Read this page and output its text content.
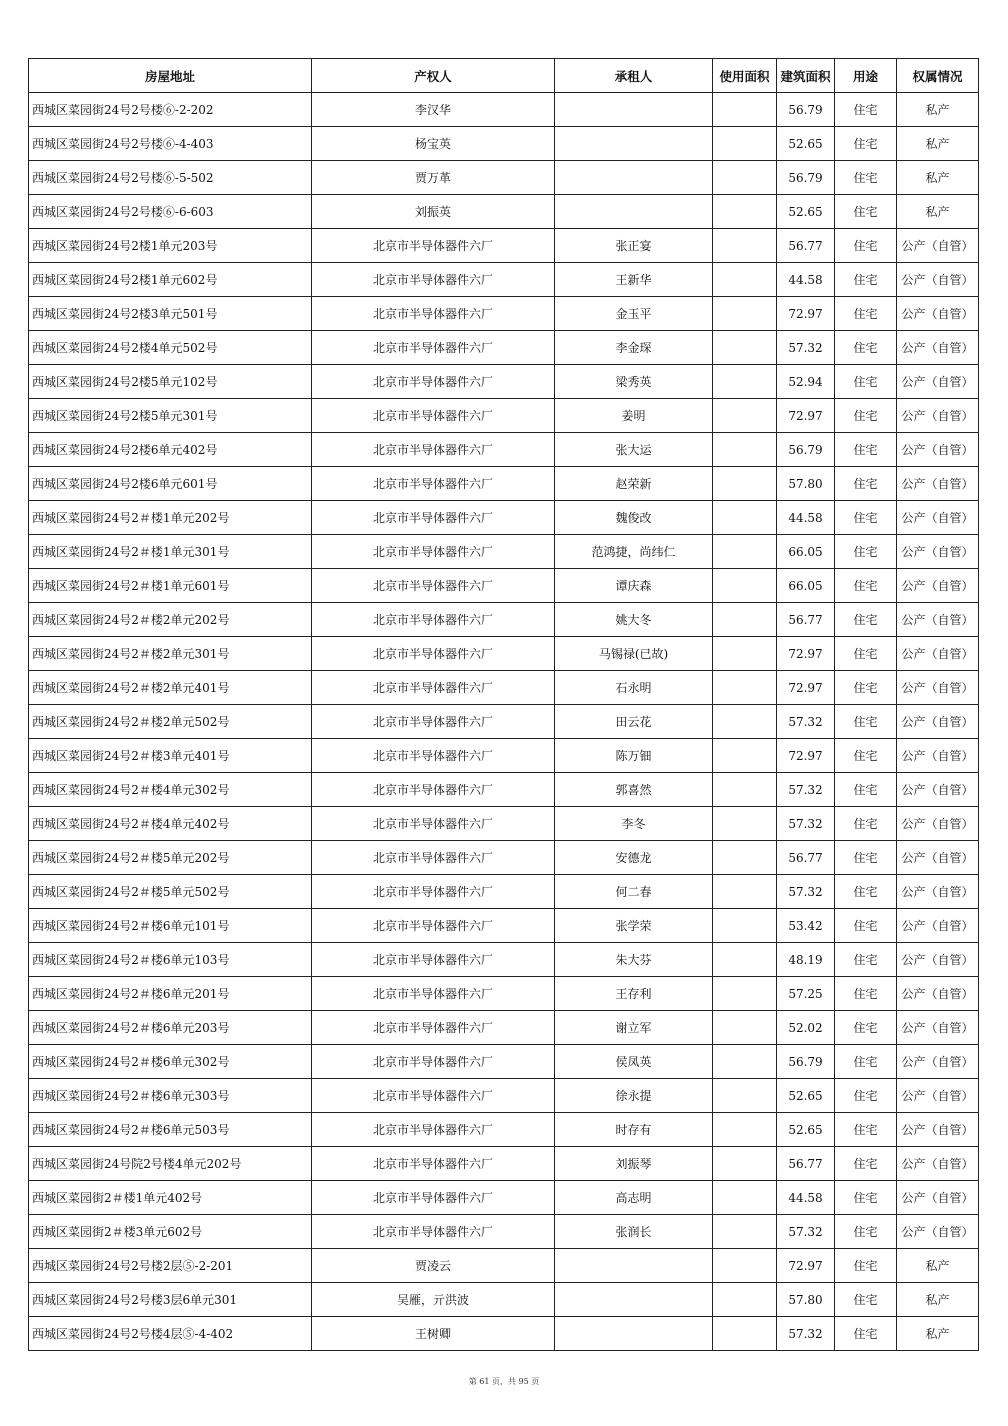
房屋地址	产权人	承租人	使用面积	建筑面积	用途	权属情况
西城区菜园街24号2号楼⑥-2-202	李汉华			56.79	住宅	私产
西城区菜园街24号2号楼⑥-4-403	杨宝英			52.65	住宅	私产
西城区菜园街24号2号楼⑥-5-502	贾万革			56.79	住宅	私产
西城区菜园街24号2号楼⑥-6-603	刘振英			52.65	住宅	私产
西城区菜园街24号2楼1单元203号	北京市半导体器件六厂	张正宴		56.77	住宅	公产（自管）
西城区菜园街24号2楼1单元602号	北京市半导体器件六厂	王新华		44.58	住宅	公产（自管）
西城区菜园街24号2楼3单元501号	北京市半导体器件六厂	金玉平		72.97	住宅	公产（自管）
西城区菜园街24号2楼4单元502号	北京市半导体器件六厂	李金琛		57.32	住宅	公产（自管）
西城区菜园街24号2楼5单元102号	北京市半导体器件六厂	梁秀英		52.94	住宅	公产（自管）
西城区菜园街24号2楼5单元301号	北京市半导体器件六厂	姜明		72.97	住宅	公产（自管）
西城区菜园街24号2楼6单元402号	北京市半导体器件六厂	张大运		56.79	住宅	公产（自管）
西城区菜园街24号2楼6单元601号	北京市半导体器件六厂	赵荣新		57.80	住宅	公产（自管）
西城区菜园街24号2＃楼1单元202号	北京市半导体器件六厂	魏俊改		44.58	住宅	公产（自管）
西城区菜园街24号2＃楼1单元301号	北京市半导体器件六厂	范鸿捷，尚纬仁		66.05	住宅	公产（自管）
西城区菜园街24号2＃楼1单元601号	北京市半导体器件六厂	谭庆森		66.05	住宅	公产（自管）
西城区菜园街24号2＃楼2单元202号	北京市半导体器件六厂	姚大冬		56.77	住宅	公产（自管）
西城区菜园街24号2＃楼2单元301号	北京市半导体器件六厂	马锡禄(已故)		72.97	住宅	公产（自管）
西城区菜园街24号2＃楼2单元401号	北京市半导体器件六厂	石永明		72.97	住宅	公产（自管）
西城区菜园街24号2＃楼2单元502号	北京市半导体器件六厂	田云花		57.32	住宅	公产（自管）
西城区菜园街24号2＃楼3单元401号	北京市半导体器件六厂	陈万钿		72.97	住宅	公产（自管）
西城区菜园街24号2＃楼4单元302号	北京市半导体器件六厂	郭喜然		57.32	住宅	公产（自管）
西城区菜园街24号2＃楼4单元402号	北京市半导体器件六厂	李冬		57.32	住宅	公产（自管）
西城区菜园街24号2＃楼5单元202号	北京市半导体器件六厂	安德龙		56.77	住宅	公产（自管）
西城区菜园街24号2＃楼5单元502号	北京市半导体器件六厂	何二春		57.32	住宅	公产（自管）
西城区菜园街24号2＃楼6单元101号	北京市半导体器件六厂	张学荣		53.42	住宅	公产（自管）
西城区菜园街24号2＃楼6单元103号	北京市半导体器件六厂	朱大芬		48.19	住宅	公产（自管）
西城区菜园街24号2＃楼6单元201号	北京市半导体器件六厂	王存利		57.25	住宅	公产（自管）
西城区菜园街24号2＃楼6单元203号	北京市半导体器件六厂	谢立军		52.02	住宅	公产（自管）
西城区菜园街24号2＃楼6单元302号	北京市半导体器件六厂	侯凤英		56.79	住宅	公产（自管）
西城区菜园街24号2＃楼6单元303号	北京市半导体器件六厂	徐永提		52.65	住宅	公产（自管）
西城区菜园街24号2＃楼6单元503号	北京市半导体器件六厂	时存有		52.65	住宅	公产（自管）
西城区菜园街24号院2号楼4单元202号	北京市半导体器件六厂	刘振琴		56.77	住宅	公产（自管）
西城区菜园街2＃楼1单元402号	北京市半导体器件六厂	高志明		44.58	住宅	公产（自管）
西城区菜园街2＃楼3单元602号	北京市半导体器件六厂	张润长		57.32	住宅	公产（自管）
西城区菜园街24号2号楼2层⑤-2-201	贾凌云			72.97	住宅	私产
西城区菜园街24号2号楼3层6单元301	吴雁，亓洪波			57.80	住宅	私产
西城区菜园街24号2号楼4层⑤-4-402	王树卿			57.32	住宅	私产
第 61 页，共 95 页
